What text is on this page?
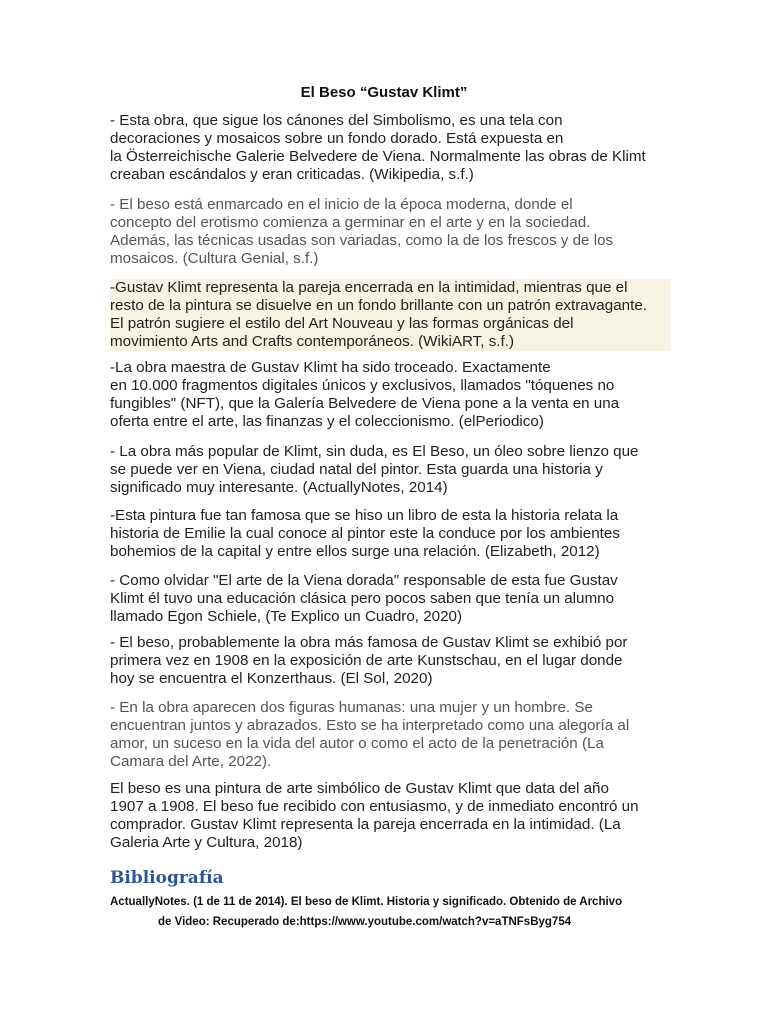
El Beso “Gustav Klimt”
- Esta obra, que sigue los cánones del Simbolismo, es una tela con
decoraciones y mosaicos sobre un fondo dorado. Está expuesta en
la Österreichische Galerie Belvedere de Viena. Normalmente las obras de Klimt
creaban escándalos y eran criticadas. (Wikipedia, s.f.)
- El beso está enmarcado en el inicio de la época moderna, donde el
concepto del erotismo comienza a germinar en el arte y en la sociedad.
Además, las técnicas usadas son variadas, como la de los frescos y de los
mosaicos. (Cultura Genial, s.f.)
-Gustav Klimt representa la pareja encerrada en la intimidad, mientras que el
resto de la pintura se disuelve en un fondo brillante con un patrón extravagante.
El patrón sugiere el estilo del Art Nouveau y las formas orgánicas del
movimiento Arts and Crafts contemporáneos. (WikiART, s.f.)
-La obra maestra de Gustav Klimt ha sido troceado. Exactamente
en 10.000 fragmentos digitales únicos y exclusivos, llamados "tóquenes no
fungibles" (NFT), que la Galería Belvedere de Viena pone a la venta en una
oferta entre el arte, las finanzas y el coleccionismo. (elPeriodico)
- La obra más popular de Klimt, sin duda, es El Beso, un óleo sobre lienzo que
se puede ver en Viena, ciudad natal del pintor. Esta guarda una historia y
significado muy interesante. (ActuallyNotes, 2014)
-Esta pintura fue tan famosa que se hiso un libro de esta la historia relata la
historia de Emilie la cual conoce al pintor este la conduce por los ambientes
bohemios de la capital y entre ellos surge una relación. (Elizabeth, 2012)
- Como olvidar "El arte de la Viena dorada" responsable de esta fue Gustav
Klimt él tuvo una educación clásica pero pocos saben que tenía un alumno
llamado Egon Schiele, (Te Explico un Cuadro, 2020)
- El beso, probablemente la obra más famosa de Gustav Klimt se exhibió por
primera vez en 1908 en la exposición de arte Kunstschau, en el lugar donde
hoy se encuentra el Konzerthaus. (El Sol, 2020)
- En la obra aparecen dos figuras humanas: una mujer y un hombre. Se
encuentran juntos y abrazados. Esto se ha interpretado como una alegoría al
amor, un suceso en la vida del autor o como el acto de la penetración (La
Camara del Arte, 2022).
El beso es una pintura de arte simbólico de Gustav Klimt que data del año
1907 a 1908. El beso fue recibido con entusiasmo, y de inmediato encontró un
comprador. Gustav Klimt representa la pareja encerrada en la intimidad. (La
Galeria Arte y Cultura, 2018)
Bibliografía
ActuallyNotes. (1 de 11 de 2014). El beso de Klimt. Historia y significado. Obtenido de Archivo
de Video: Recuperado de:https://www.youtube.com/watch?v=aTNFsByg754
